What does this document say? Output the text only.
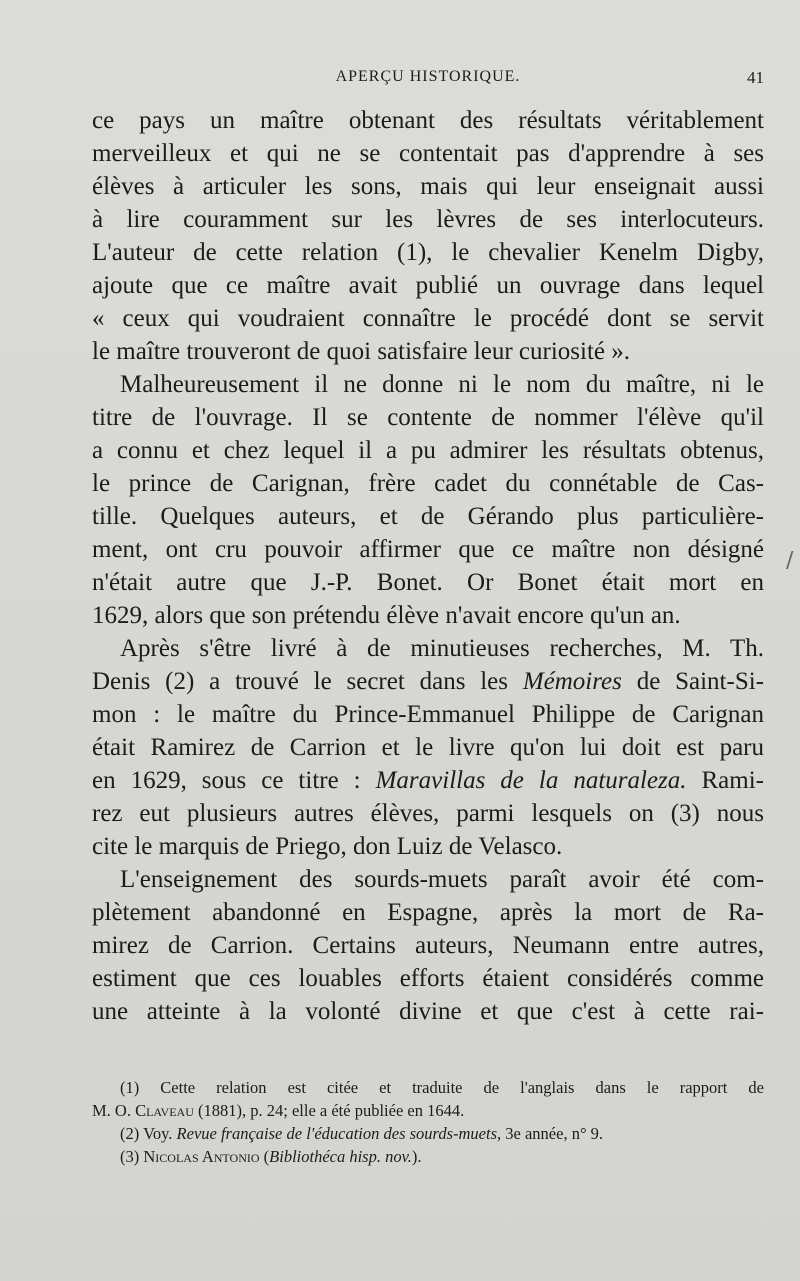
APERÇU HISTORIQUE.	41
ce pays un maître obtenant des résultats véritablement
merveilleux et qui ne se contentait pas d'apprendre à ses
élèves à articuler les sons, mais qui leur enseignait aussi
à lire couramment sur les lèvres de ses interlocuteurs.
L'auteur de cette relation (1), le chevalier Kenelm Digby,
ajoute que ce maître avait publié un ouvrage dans lequel
« ceux qui voudraient connaître le procédé dont se servit
le maître trouveront de quoi satisfaire leur curiosité ».
Malheureusement il ne donne ni le nom du maître, ni le
titre de l'ouvrage. Il se contente de nommer l'élève qu'il
a connu et chez lequel il a pu admirer les résultats obtenus,
le prince de Carignan, frère cadet du connétable de Cas-
tille. Quelques auteurs, et de Gérando plus particulière-
ment, ont cru pouvoir affirmer que ce maître non désigné
n'était autre que J.-P. Bonet. Or Bonet était mort en
1629, alors que son prétendu élève n'avait encore qu'un an.
Après s'être livré à de minutieuses recherches, M. Th.
Denis (2) a trouvé le secret dans les Mémoires de Saint-Si-
mon : le maître du Prince-Emmanuel Philippe de Carignan
était Ramirez de Carrion et le livre qu'on lui doit est paru
en 1629, sous ce titre : Maravillas de la naturaleza. Rami-
rez eut plusieurs autres élèves, parmi lesquels on (3) nous
cite le marquis de Priego, don Luiz de Velasco.
L'enseignement des sourds-muets paraît avoir été com-
plètement abandonné en Espagne, après la mort de Ra-
mirez de Carrion. Certains auteurs, Neumann entre autres,
estiment que ces louables efforts étaient considérés comme
une atteinte à la volonté divine et que c'est à cette rai-
(1) Cette relation est citée et traduite de l'anglais dans le rapport de
M. O. Claveau (1881), p. 24; elle a été publiée en 1644.
(2) Voy. Revue française de l'éducation des sourds-muets, 3e année, n° 9.
(3) Nicolas Antonio (Bibliothéca hisp. nov.).
∕
